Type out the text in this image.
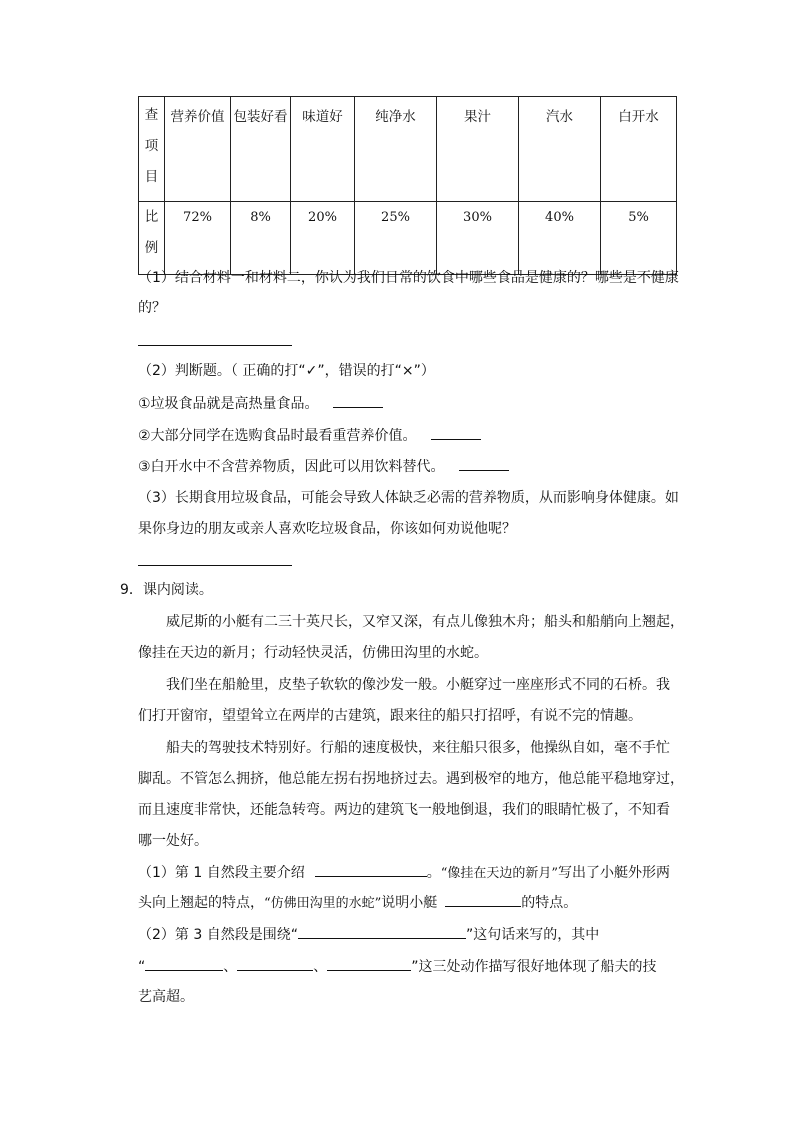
查
项
目	营养价值	包装好看	味道好	纯净水	果汁	汽水	白开水

比
例	72%	8%	20%	25%	30%	40%	5%
（1）结合材料一和材料二，你认为我们日常的饮食中哪些食品是健康的？哪些是不健康
的？
（2）判断题。（ 正确的打“✓”，错误的打“×”）
①垃圾食品就是高热量食品。
②大部分同学在选购食品时最看重营养价值。
③白开水中不含营养物质，因此可以用饮料替代。
（3）长期食用垃圾食品，可能会导致人体缺乏必需的营养物质，从而影响身体健康。如
果你身边的朋友或亲人喜欢吃垃圾食品，你该如何劝说他呢？
9．课内阅读。
威尼斯的小艇有二三十英尺长，又窄又深，有点儿像独木舟；船头和船艄向上翘起，
像挂在天边的新月；行动轻快灵活，仿佛田沟里的水蛇。
我们坐在船舱里，皮垫子软软的像沙发一般。小艇穿过一座座形式不同的石桥。我
们打开窗帘，望望耸立在两岸的古建筑，跟来往的船只打招呼，有说不完的情趣。
船夫的驾驶技术特别好。行船的速度极快，来往船只很多，他操纵自如，毫不手忙
脚乱。不管怎么拥挤，他总能左拐右拐地挤过去。遇到极窄的地方，他总能平稳地穿过，
而且速度非常快，还能急转弯。两边的建筑飞一般地倒退，我们的眼睛忙极了，不知看
哪一处好。
（1）第 1 自然段主要介绍	。“像挂在天边的新月”写出了小艇外形两
头向上翘起的特点，“仿佛田沟里的水蛇”说明小艇	的特点。
（2）第 3 自然段是围绕“	”这句话来写的，其中
“	、	、	”这三处动作描写很好地体现了船夫的技
艺高超。
